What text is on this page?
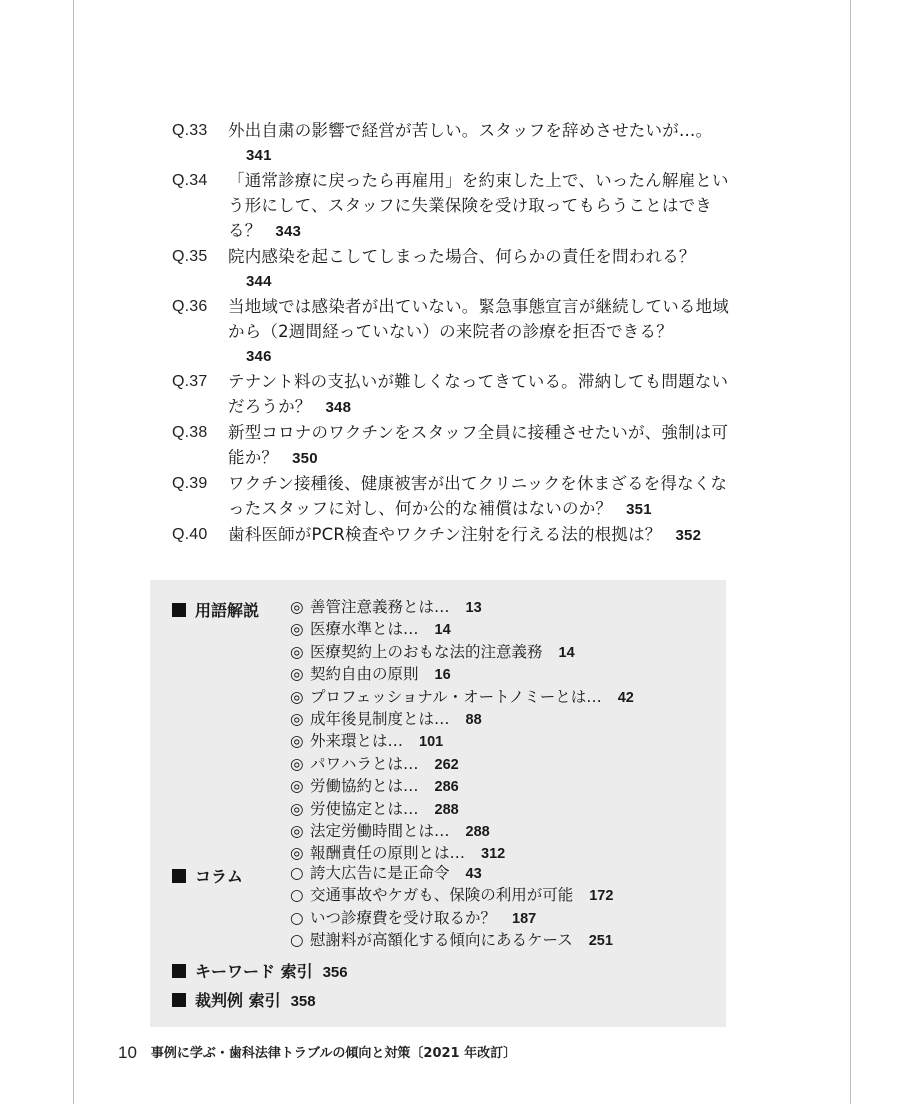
Q.33 外出自粛の影響で経営が苦しい。スタッフを辞めさせたいが…。
341
Q.34 「通常診療に戻ったら再雇用」を約束した上で、いったん解雇という形にして、スタッフに失業保険を受け取ってもらうことはできる？ 343
Q.35 院内感染を起こしてしまった場合、何らかの責任を問われる？
344
Q.36 当地域では感染者が出ていない。緊急事態宣言が継続している地域から（2週間経っていない）の来院者の診療を拒否できる？
346
Q.37 テナント料の支払いが難しくなってきている。滞納しても問題ないだろうか？ 348
Q.38 新型コロナのワクチンをスタッフ全員に接種させたいが、強制は可能か？ 350
Q.39 ワクチン接種後、健康被害が出てクリニックを休まざるを得なくなったスタッフに対し、何か公的な補償はないのか？ 351
Q.40 歯科医師がPCR検査やワクチン注射を行える法的根拠は？ 352
用語解説 ◎ 善管注意義務とは… 13
◎ 医療水準とは… 14
◎ 医療契約上のおもな法的注意義務 14
◎ 契約自由の原則 16
◎ プロフェッショナル・オートノミーとは… 42
◎ 成年後見制度とは… 88
◎ 外来環とは… 101
◎ パワハラとは… 262
◎ 労働協約とは… 286
◎ 労使協定とは… 288
◎ 法定労働時間とは… 288
◎ 報酬責任の原則とは… 312
コラム	○ 誇大広告に是正命令 43
○ 交通事故やケガも、保険の利用が可能 172
○ いつ診療費を受け取るか？ 187
○ 慰謝料が高額化する傾向にあるケース 251
キーワード 索引 356
裁判例 索引 358
10 事例に学ぶ・歯科法律トラブルの傾向と対策〔2021 年改訂〕
